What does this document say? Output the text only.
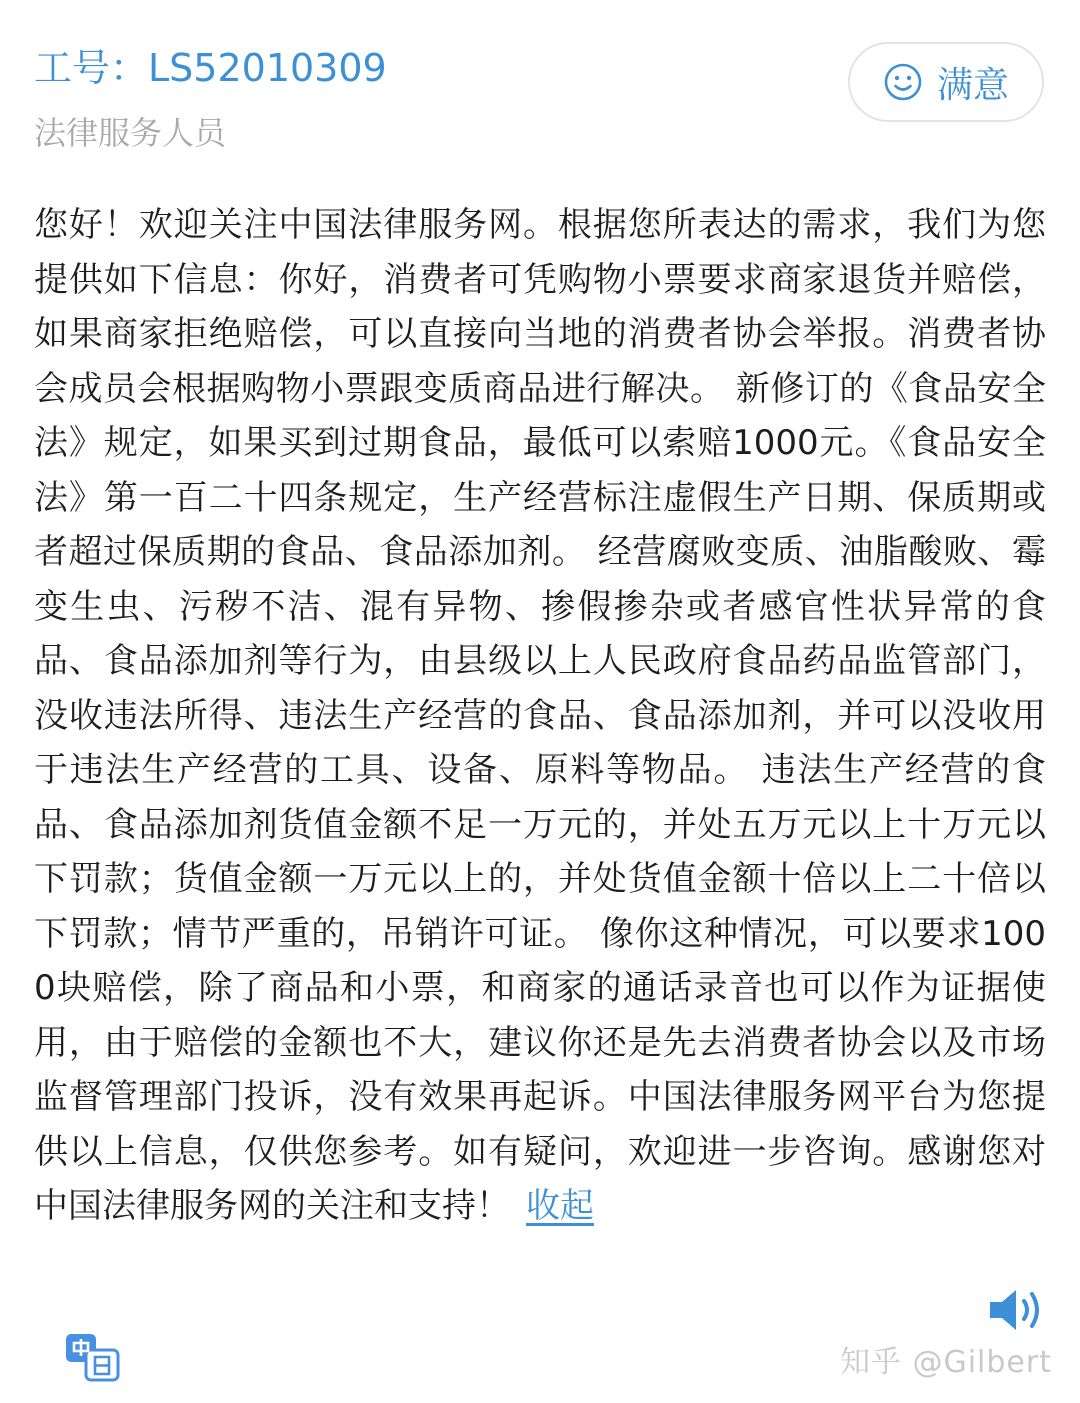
工号：LS52010309
法律服务人员
满意

您好！欢迎关注中国法律服务网。根据您所表达的需求，我们为您提供如下信息：你好，消费者可凭购物小票要求商家退货并赔偿，如果商家拒绝赔偿，可以直接向当地的消费者协会举报。消费者协会成员会根据购物小票跟变质商品进行解决。 新修订的《食品安全法》规定，如果买到过期食品，最低可以索赔1000元。《食品安全法》第一百二十四条规定，生产经营标注虚假生产日期、保质期或者超过保质期的食品、食品添加剂。 经营腐败变质、油脂酸败、霉变生虫、污秽不洁、混有异物、掺假掺杂或者感官性状异常的食品、食品添加剂等行为，由县级以上人民政府食品药品监管部门，没收违法所得、违法生产经营的食品、食品添加剂，并可以没收用于违法生产经营的工具、设备、原料等物品。 违法生产经营的食品、食品添加剂货值金额不足一万元的，并处五万元以上十万元以下罚款；货值金额一万元以上的，并处货值金额十倍以上二十倍以下罚款；情节严重的，吊销许可证。 像你这种情况，可以要求1000块赔偿，除了商品和小票，和商家的通话录音也可以作为证据使用，由于赔偿的金额也不大，建议你还是先去消费者协会以及市场监督管理部门投诉，没有效果再起诉。中国法律服务网平台为您提供以上信息，仅供您参考。如有疑问，欢迎进一步咨询。感谢您对中国法律服务网的关注和支持！ 收起

知乎 @Gilbert
